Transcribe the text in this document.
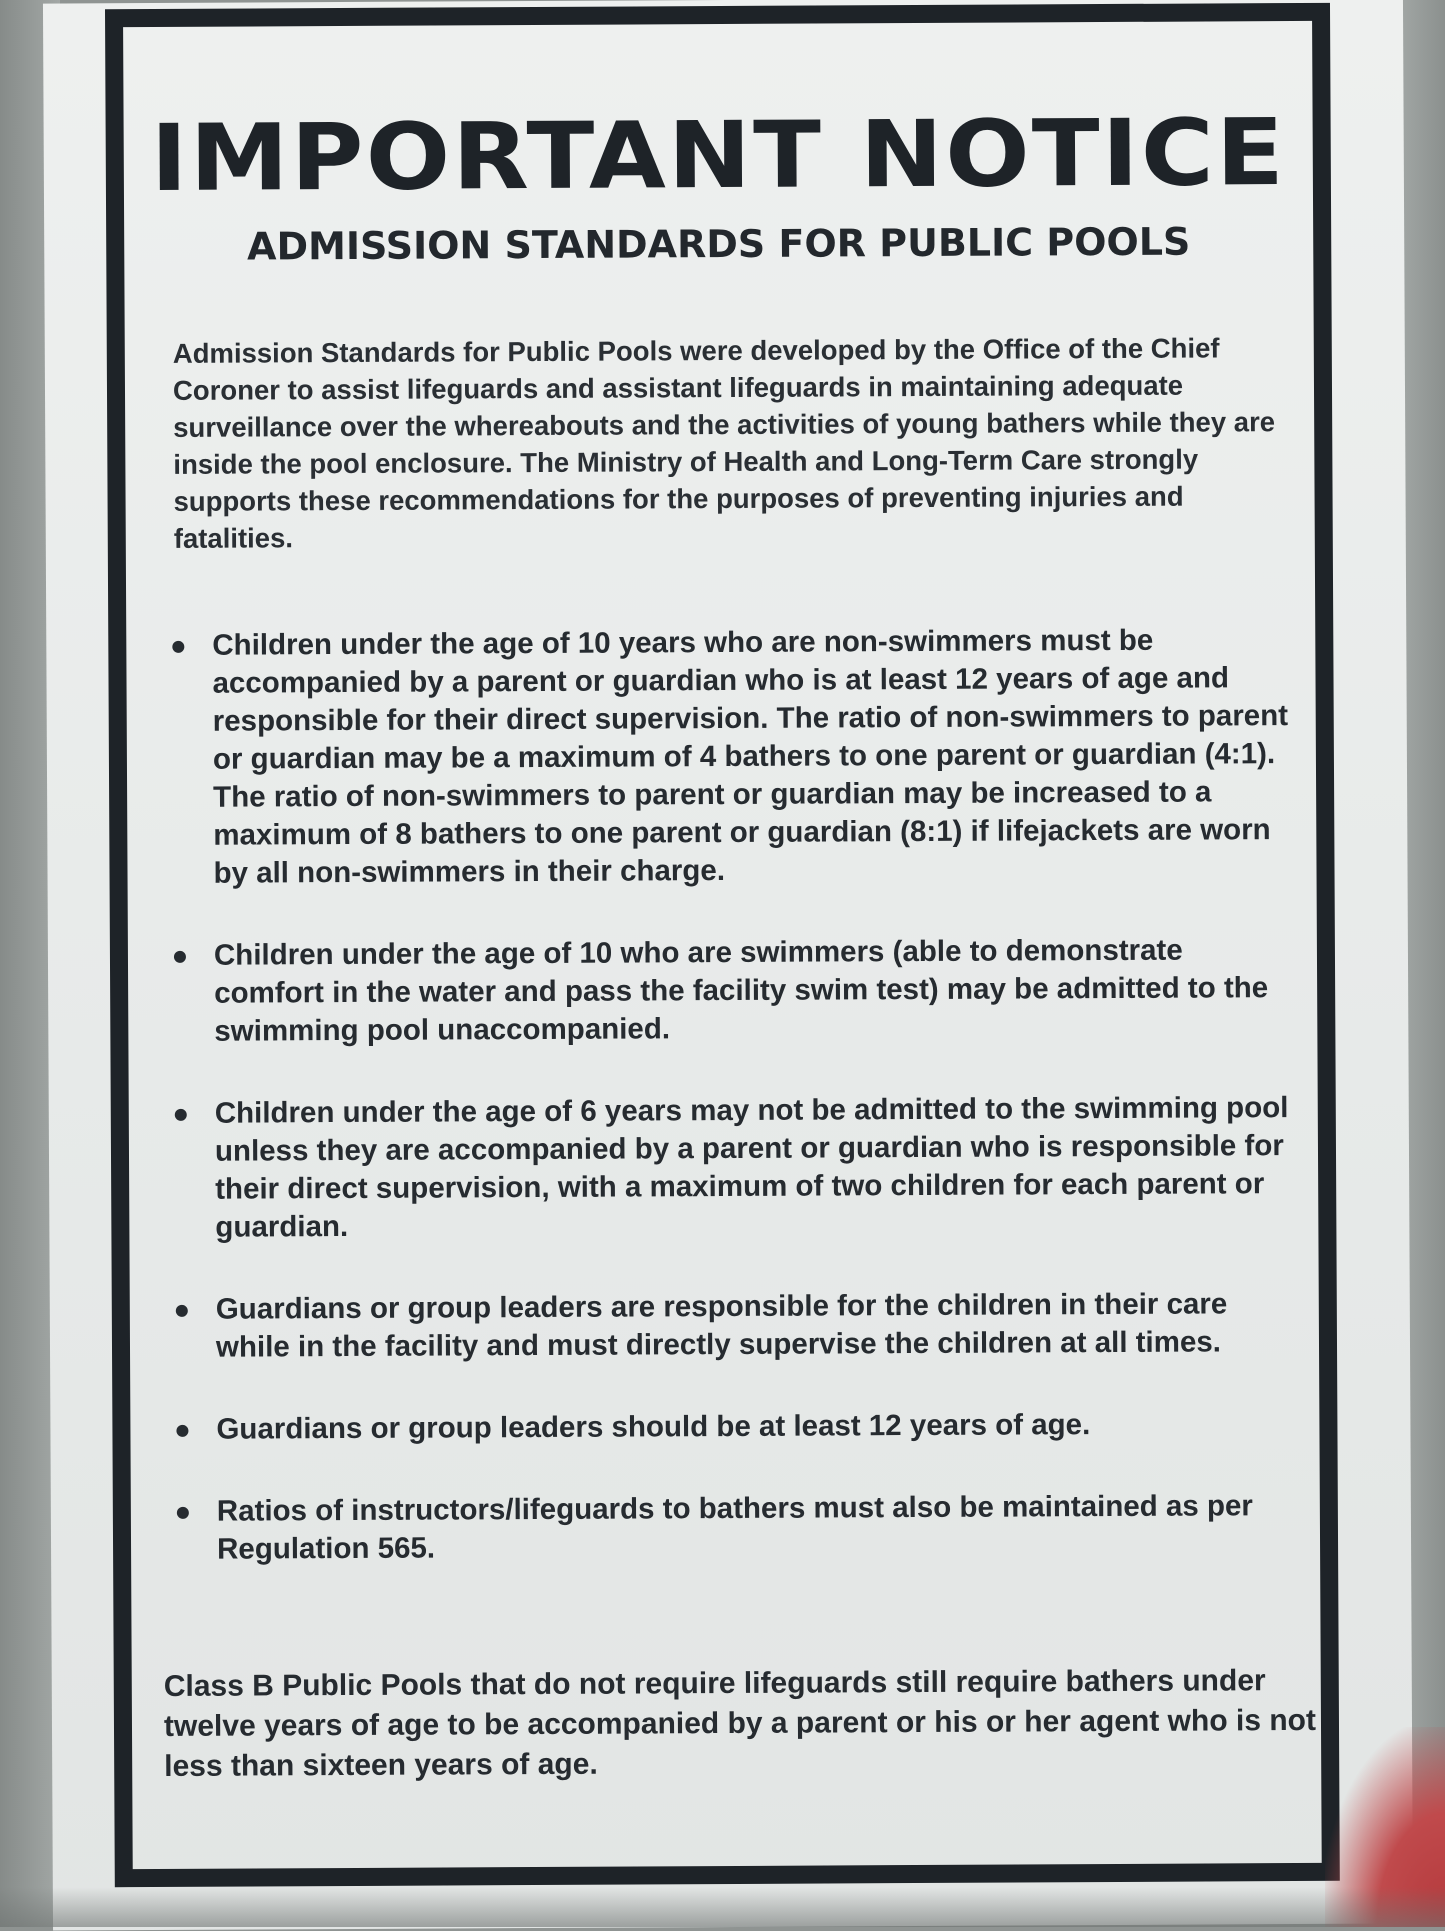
IMPORTANT NOTICE
ADMISSION STANDARDS FOR PUBLIC POOLS

Admission Standards for Public Pools were developed by the Office of the Chief Coroner to assist lifeguards and assistant lifeguards in maintaining adequate surveillance over the whereabouts and the activities of young bathers while they are inside the pool enclosure. The Ministry of Health and Long-Term Care strongly supports these recommendations for the purposes of preventing injuries and fatalities.

Children under the age of 10 years who are non-swimmers must be accompanied by a parent or guardian who is at least 12 years of age and responsible for their direct supervision. The ratio of non-swimmers to parent or guardian may be a maximum of 4 bathers to one parent or guardian (4:1). The ratio of non-swimmers to parent or guardian may be increased to a maximum of 8 bathers to one parent or guardian (8:1) if lifejackets are worn by all non-swimmers in their charge.
Children under the age of 10 who are swimmers (able to demonstrate comfort in the water and pass the facility swim test) may be admitted to the swimming pool unaccompanied.
Children under the age of 6 years may not be admitted to the swimming pool unless they are accompanied by a parent or guardian who is responsible for their direct supervision, with a maximum of two children for each parent or guardian.
Guardians or group leaders are responsible for the children in their care while in the facility and must directly supervise the children at all times.
Guardians or group leaders should be at least 12 years of age.
Ratios of instructors/lifeguards to bathers must also be maintained as per Regulation 565.

Class B Public Pools that do not require lifeguards still require bathers under twelve years of age to be accompanied by a parent or his or her agent who is not less than sixteen years of age.
